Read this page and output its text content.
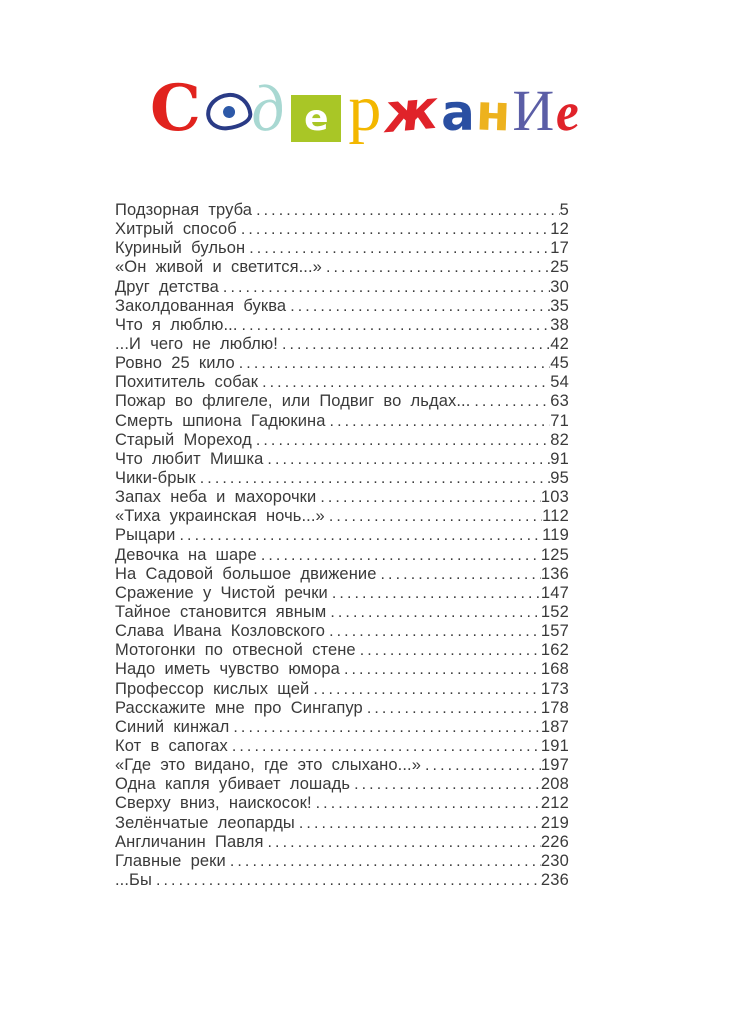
С д е р ж а н И
е
Подзорная труба .....	5
Хитрый способ .....	12
Куриный бульон .....	17
«Он живой и светится...» .....	25
Друг детства .....	30
Заколдованная буква .....	35
Что я люблю... .....	38
...И чего не люблю! .....	42
Ровно 25 кило .....	45
Похититель собак .....	54
Пожар во флигеле, или Подвиг во льдах... .....	63
Смерть шпиона Гадюкина .....	71
Старый Мореход .....	82
Что любит Мишка .....	91
Чики-брык .....	95
Запах неба и махорочки .....	103
«Тиха украинская ночь...» .....	112
Рыцари .....	119
Девочка на шаре .....	125
На Садовой большое движение .....	136
Сражение у Чистой речки .....	147
Тайное становится явным .....	152
Слава Ивана Козловского .....	157
Мотогонки по отвесной стене .....	162
Надо иметь чувство юмора .....	168
Профессор кислых щей .....	173
Расскажите мне про Сингапур .....	178
Синий кинжал .....	187
Кот в сапогах .....	191
«Где это видано, где это слыхано...» .....	197
Одна капля убивает лошадь .....	208
Сверху вниз, наискосок! .....	212
Зелёнчатые леопарды .....	219
Англичанин Павля .....	226
Главные реки .....	230
...Бы .....	236
